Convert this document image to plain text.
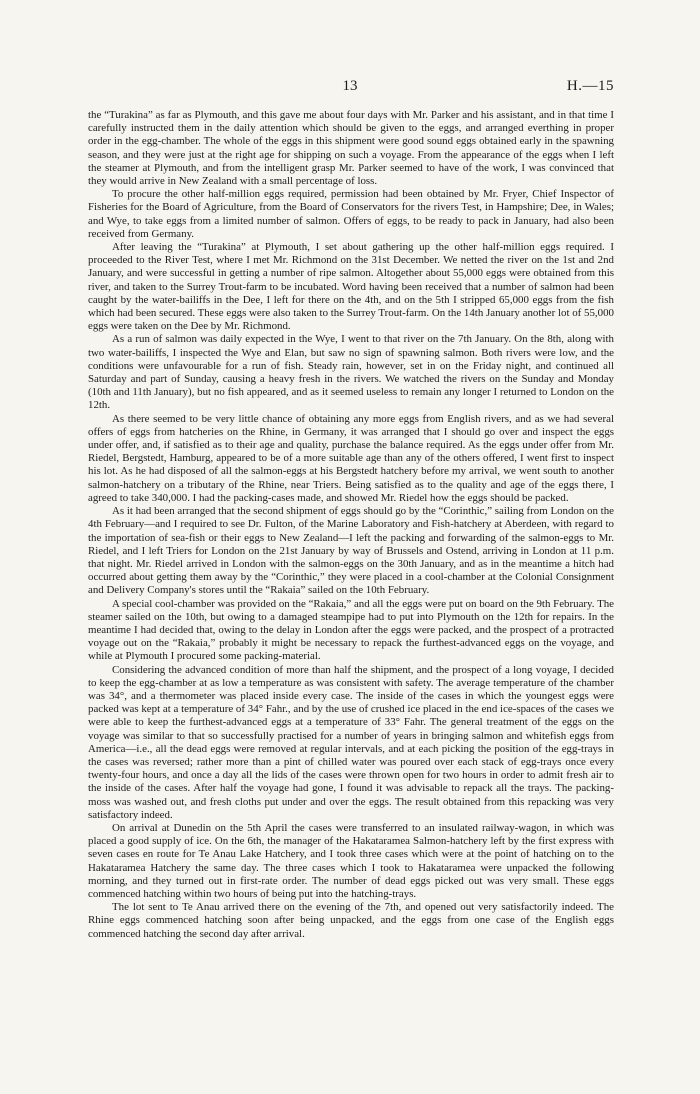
13	H.—15

the “Turakina” as far as Plymouth, and this gave me about four days with Mr. Parker and his assistant, and in that time I carefully instructed them in the daily attention which should be given to the eggs, and arranged everthing in proper order in the egg-chamber. The whole of the eggs in this shipment were good sound eggs obtained early in the spawning season, and they were just at the right age for shipping on such a voyage. From the appearance of the eggs when I left the steamer at Plymouth, and from the intelligent grasp Mr. Parker seemed to have of the work, I was convinced that they would arrive in New Zealand with a small percentage of loss.

To procure the other half-million eggs required, permission had been obtained by Mr. Fryer, Chief Inspector of Fisheries for the Board of Agriculture, from the Board of Conservators for the rivers Test, in Hampshire; Dee, in Wales; and Wye, to take eggs from a limited number of salmon. Offers of eggs, to be ready to pack in January, had also been received from Germany.

After leaving the “Turakina” at Plymouth, I set about gathering up the other half-million eggs required. I proceeded to the River Test, where I met Mr. Richmond on the 31st December. We netted the river on the 1st and 2nd January, and were successful in getting a number of ripe salmon. Altogether about 55,000 eggs were obtained from this river, and taken to the Surrey Trout-farm to be incubated. Word having been received that a number of salmon had been caught by the water-bailiffs in the Dee, I left for there on the 4th, and on the 5th I stripped 65,000 eggs from the fish which had been secured. These eggs were also taken to the Surrey Trout-farm. On the 14th January another lot of 55,000 eggs were taken on the Dee by Mr. Richmond.

As a run of salmon was daily expected in the Wye, I went to that river on the 7th January. On the 8th, along with two water-bailiffs, I inspected the Wye and Elan, but saw no sign of spawning salmon. Both rivers were low, and the conditions were unfavourable for a run of fish. Steady rain, however, set in on the Friday night, and continued all Saturday and part of Sunday, causing a heavy fresh in the rivers. We watched the rivers on the Sunday and Monday (10th and 11th January), but no fish appeared, and as it seemed useless to remain any longer I returned to London on the 12th.

As there seemed to be very little chance of obtaining any more eggs from English rivers, and as we had several offers of eggs from hatcheries on the Rhine, in Germany, it was arranged that I should go over and inspect the eggs under offer, and, if satisfied as to their age and quality, purchase the balance required. As the eggs under offer from Mr. Riedel, Bergstedt, Hamburg, appeared to be of a more suitable age than any of the others offered, I went first to inspect his lot. As he had disposed of all the salmon-eggs at his Bergstedt hatchery before my arrival, we went south to another salmon-hatchery on a tributary of the Rhine, near Triers. Being satisfied as to the quality and age of the eggs there, I agreed to take 340,000. I had the packing-cases made, and showed Mr. Riedel how the eggs should be packed.

As it had been arranged that the second shipment of eggs should go by the “Corinthic,” sailing from London on the 4th February—and I required to see Dr. Fulton, of the Marine Laboratory and Fish-hatchery at Aberdeen, with regard to the importation of sea-fish or their eggs to New Zealand—I left the packing and forwarding of the salmon-eggs to Mr. Riedel, and I left Triers for London on the 21st January by way of Brussels and Ostend, arriving in London at 11 p.m. that night. Mr. Riedel arrived in London with the salmon-eggs on the 30th January, and as in the meantime a hitch had occurred about getting them away by the “Corinthic,” they were placed in a cool-chamber at the Colonial Consignment and Delivery Company's stores until the “Rakaia” sailed on the 10th February.

A special cool-chamber was provided on the “Rakaia,” and all the eggs were put on board on the 9th February. The steamer sailed on the 10th, but owing to a damaged steampipe had to put into Plymouth on the 12th for repairs. In the meantime I had decided that, owing to the delay in London after the eggs were packed, and the prospect of a protracted voyage out on the “Rakaia,” probably it might be necessary to repack the furthest-advanced eggs on the voyage, and while at Plymouth I procured some packing-material.

Considering the advanced condition of more than half the shipment, and the prospect of a long voyage, I decided to keep the egg-chamber at as low a temperature as was consistent with safety. The average temperature of the chamber was 34°, and a thermometer was placed inside every case. The inside of the cases in which the youngest eggs were packed was kept at a temperature of 34° Fahr., and by the use of crushed ice placed in the end ice-spaces of the cases we were able to keep the furthest-advanced eggs at a temperature of 33° Fahr. The general treatment of the eggs on the voyage was similar to that so successfully practised for a number of years in bringing salmon and whitefish eggs from America—i.e., all the dead eggs were removed at regular intervals, and at each picking the position of the egg-trays in the cases was reversed; rather more than a pint of chilled water was poured over each stack of egg-trays once every twenty-four hours, and once a day all the lids of the cases were thrown open for two hours in order to admit fresh air to the inside of the cases. After half the voyage had gone, I found it was advisable to repack all the trays. The packing-moss was washed out, and fresh cloths put under and over the eggs. The result obtained from this repacking was very satisfactory indeed.

On arrival at Dunedin on the 5th April the cases were transferred to an insulated railway-wagon, in which was placed a good supply of ice. On the 6th, the manager of the Hakataramea Salmon-hatchery left by the first express with seven cases en route for Te Anau Lake Hatchery, and I took three cases which were at the point of hatching on to the Hakataramea Hatchery the same day. The three cases which I took to Hakataramea were unpacked the following morning, and they turned out in first-rate order. The number of dead eggs picked out was very small. These eggs commenced hatching within two hours of being put into the hatching-trays.

The lot sent to Te Anau arrived there on the evening of the 7th, and opened out very satisfactorily indeed. The Rhine eggs commenced hatching soon after being unpacked, and the eggs from one case of the English eggs commenced hatching the second day after arrival.
